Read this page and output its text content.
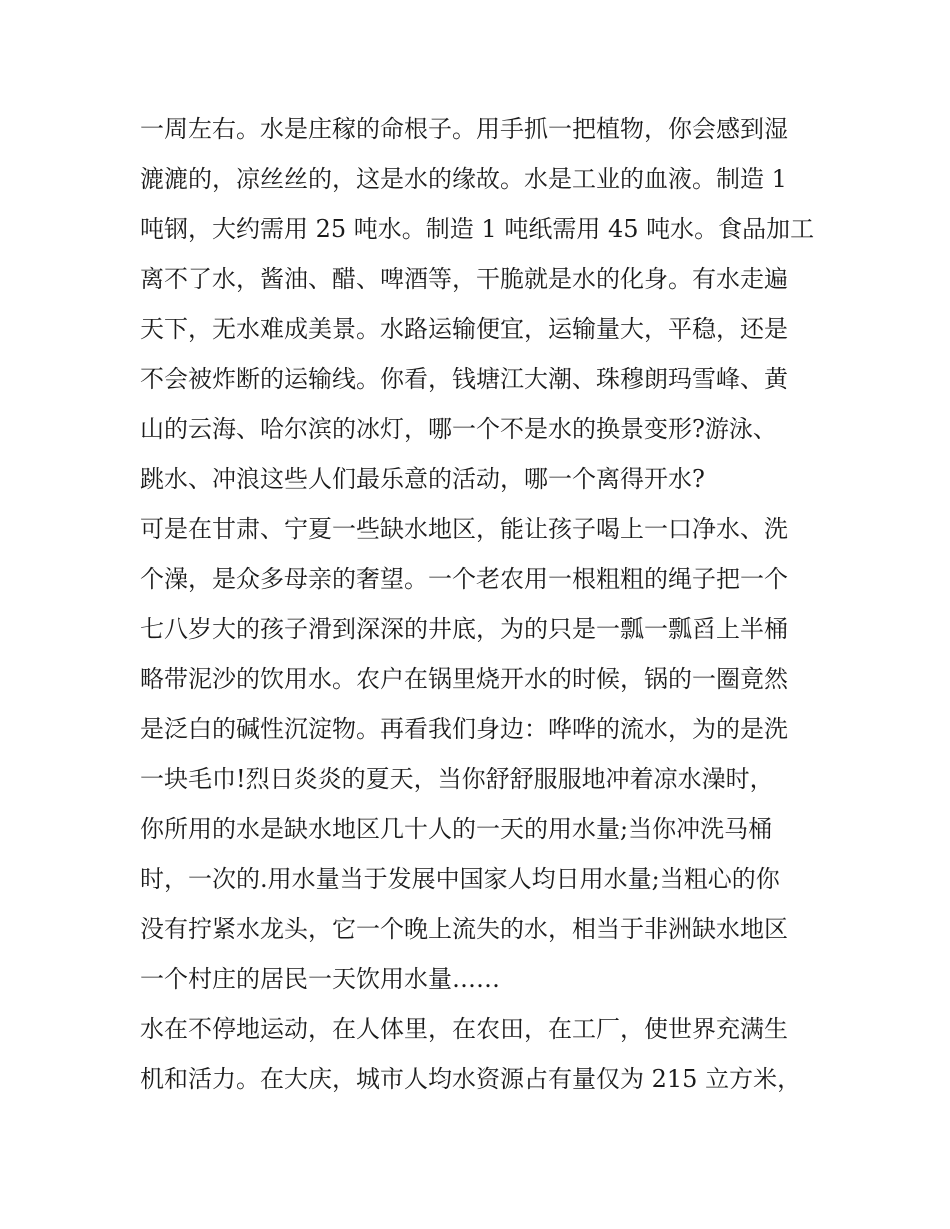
一周左右。水是庄稼的命根子。用手抓一把植物，你会感到湿
漉漉的，凉丝丝的，这是水的缘故。水是工业的血液。制造 1
吨钢，大约需用 25 吨水。制造 1 吨纸需用 45 吨水。食品加工
离不了水，酱油、醋、啤酒等，干脆就是水的化身。有水走遍
天下，无水难成美景。水路运输便宜，运输量大，平稳，还是
不会被炸断的运输线。你看，钱塘江大潮、珠穆朗玛雪峰、黄
山的云海、哈尔滨的冰灯，哪一个不是水的换景变形?游泳、
跳水、冲浪这些人们最乐意的活动，哪一个离得开水?
可是在甘肃、宁夏一些缺水地区，能让孩子喝上一口净水、洗
个澡，是众多母亲的奢望。一个老农用一根粗粗的绳子把一个
七八岁大的孩子滑到深深的井底，为的只是一瓢一瓢舀上半桶
略带泥沙的饮用水。农户在锅里烧开水的时候，锅的一圈竟然
是泛白的碱性沉淀物。再看我们身边：哗哗的流水，为的是洗
一块毛巾!烈日炎炎的夏天，当你舒舒服服地冲着凉水澡时，
你所用的水是缺水地区几十人的一天的用水量;当你冲洗马桶
时，一次的.用水量当于发展中国家人均日用水量;当粗心的你
没有拧紧水龙头，它一个晚上流失的水，相当于非洲缺水地区
一个村庄的居民一天饮用水量……
水在不停地运动，在人体里，在农田，在工厂，使世界充满生
机和活力。在大庆，城市人均水资源占有量仅为 215 立方米，
